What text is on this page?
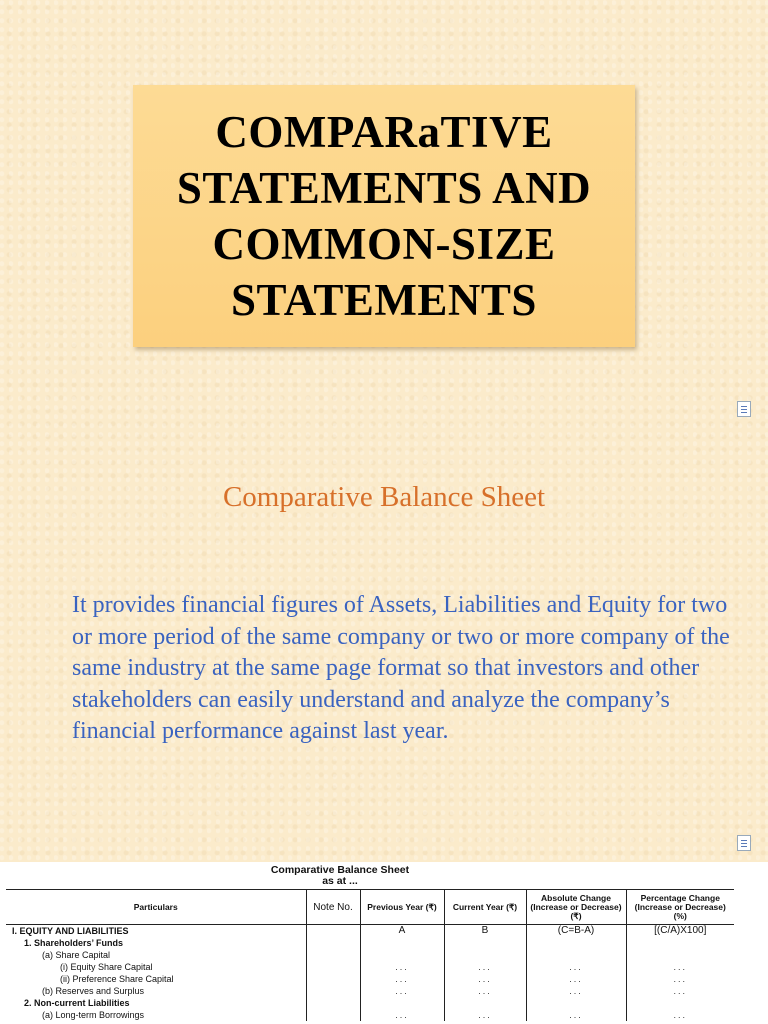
COMPARaTIVE
STATEMENTS AND
COMMON-SIZE
STATEMENTS
Comparative Balance Sheet
It provides financial figures of Assets, Liabilities and Equity for two or more period of the same company or two or more company of the same industry at the same page format so that investors and other stakeholders can easily understand and analyze the company’s financial performance against last year.
Comparative Balance Sheet
as at ...
Particulars	Note No.	Previous Year (₹)	Current Year (₹)	Absolute Change (Increase or Decrease) (₹)	Percentage Change (Increase or Decrease) (%)
I. EQUITY AND LIABILITIES		A	B	(C=B-A)	[(C/A)X100]
1. Shareholders’ Funds					
(a) Share Capital					
(i) Equity Share Capital		...	...	...	...
(ii) Preference Share Capital		...	...	...	...
(b) Reserves and Surplus		...	...	...	...
2. Non-current Liabilities					
(a) Long-term Borrowings		...	...	...	...
